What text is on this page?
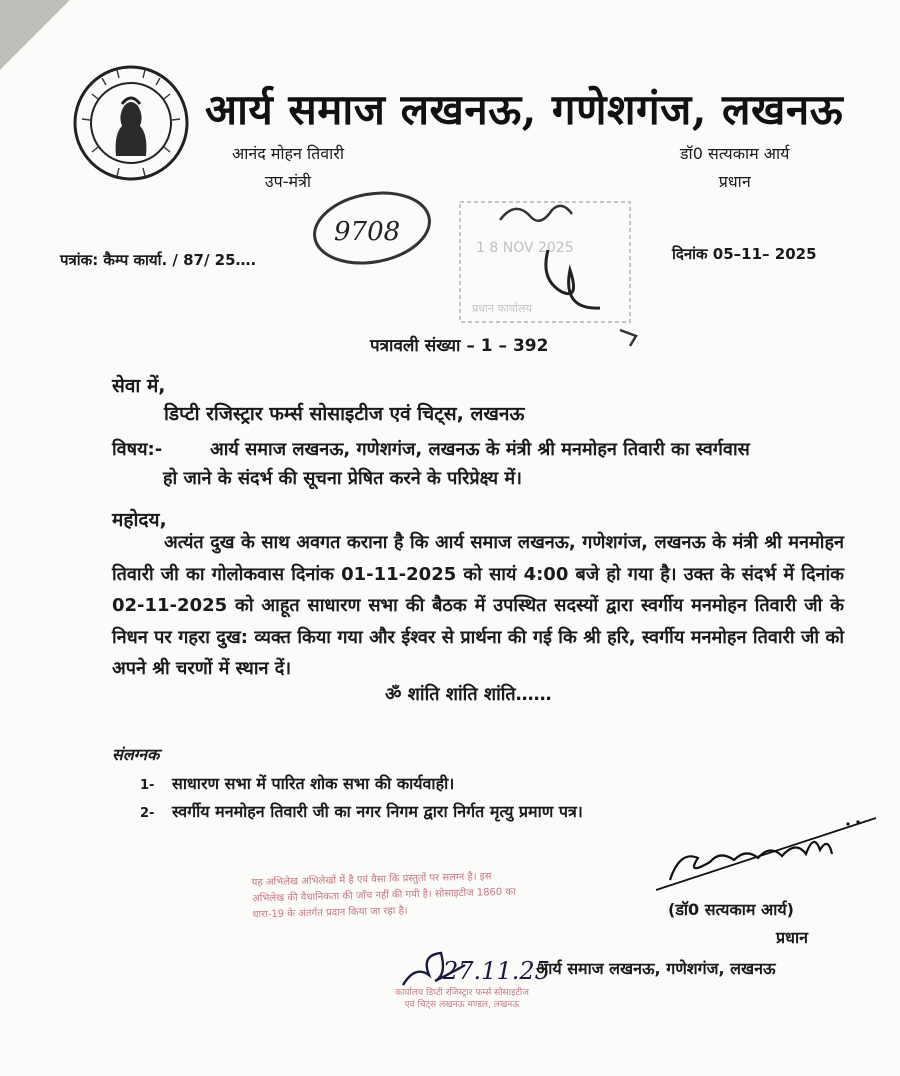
आर्य समाज लखनऊ, गणेशगंज, लखनऊ
आनंद मोहन तिवारी
उप-मंत्री
डॉ0 सत्यकाम आर्य
प्रधान
पत्रांक: कैम्प कार्या. / 87/ 25….	दिनांक 05–11– 2025
1 8 NOV 2025
प्रधान कार्यालय
9708
पत्रावली संख्या – 1 – 392
सेवा में,
डिप्टी रजिस्ट्रार फर्म्स सोसाइटीज एवं चिट्स, लखनऊ
विषय:-	आर्य समाज लखनऊ, गणेशगंज, लखनऊ के मंत्री श्री मनमोहन तिवारी का स्वर्गवास
हो जाने के संदर्भ की सूचना प्रेषित करने के परिप्रेक्ष्य में।
महोदय,
अत्यंत दुख के साथ अवगत कराना है कि आर्य समाज लखनऊ, गणेशगंज, लखनऊ के मंत्री श्री मनमोहन तिवारी जी का गोलोकवास दिनांक 01-11-2025 को सायं 4:00 बजे हो गया है। उक्त के संदर्भ में दिनांक 02-11-2025 को आहूत साधारण सभा की बैठक में उपस्थित सदस्यों द्वारा स्वर्गीय मनमोहन तिवारी जी के निधन पर गहरा दुख: व्यक्त किया गया और ईश्वर से प्रार्थना की गई कि श्री हरि, स्वर्गीय मनमोहन तिवारी जी को अपने श्री चरणों में स्थान दें।
ॐ शांति शांति शांति……
संलग्नक
1- साधारण सभा में पारित शोक सभा की कार्यवाही।
2- स्वर्गीय मनमोहन तिवारी जी का नगर निगम द्वारा निर्गत मृत्यु प्रमाण पत्र।
(डॉ0 सत्यकाम आर्य)
प्रधान
यह अभिलेख अभिलेखों में है एवं वैसा कि प्रस्तुतों पर सलग्न है। इस अभिलेख की वैधानिकता की जाँच नहीं की गयी है। सोसाइटीज 1860 का धारा-19 के अंतर्गत प्रदान किया जा रहा है।
27.11.25
आर्य समाज लखनऊ, गणेशगंज, लखनऊ
कार्यालय डिप्टी रजिस्ट्रार फर्म्स सोसाइटीज एवं चिट्स लखनऊ मण्डल, लखनऊ
